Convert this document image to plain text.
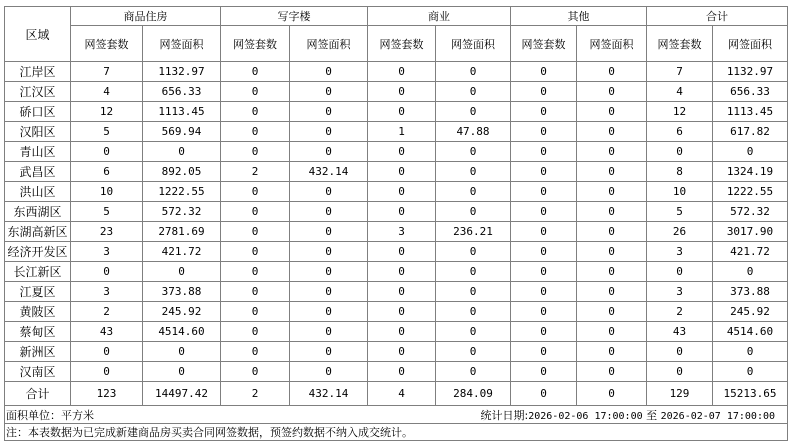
区域	商品住房		写字楼		商业		其他		合计	
	网签套数	网签面积	网签套数	网签面积	网签套数	网签面积	网签套数	网签面积	网签套数	网签面积
江岸区	7	1132.97	0	0	0	0	0	0	7	1132.97
江汉区	4	656.33	0	0	0	0	0	0	4	656.33
硚口区	12	1113.45	0	0	0	0	0	0	12	1113.45
汉阳区	5	569.94	0	0	1	47.88	0	0	6	617.82
青山区	0	0	0	0	0	0	0	0	0	0
武昌区	6	892.05	2	432.14	0	0	0	0	8	1324.19
洪山区	10	1222.55	0	0	0	0	0	0	10	1222.55
东西湖区	5	572.32	0	0	0	0	0	0	5	572.32
东湖高新区	23	2781.69	0	0	3	236.21	0	0	26	3017.90
经济开发区	3	421.72	0	0	0	0	0	0	3	421.72
长江新区	0	0	0	0	0	0	0	0	0	0
江夏区	3	373.88	0	0	0	0	0	0	3	373.88
黄陂区	2	245.92	0	0	0	0	0	0	2	245.92
蔡甸区	43	4514.60	0	0	0	0	0	0	43	4514.60
新洲区	0	0	0	0	0	0	0	0	0	0
汉南区	0	0	0	0	0	0	0	0	0	0
合计	123	14497.42	2	432.14	4	284.09	0	0	129	15213.65
面积单位：平方米					统计日期:2026-02-06 17:00:00 至 2026-02-07 17:00:00					
注：本表数据为已完成新建商品房买卖合同网签数据，预签约数据不纳入成交统计。										
